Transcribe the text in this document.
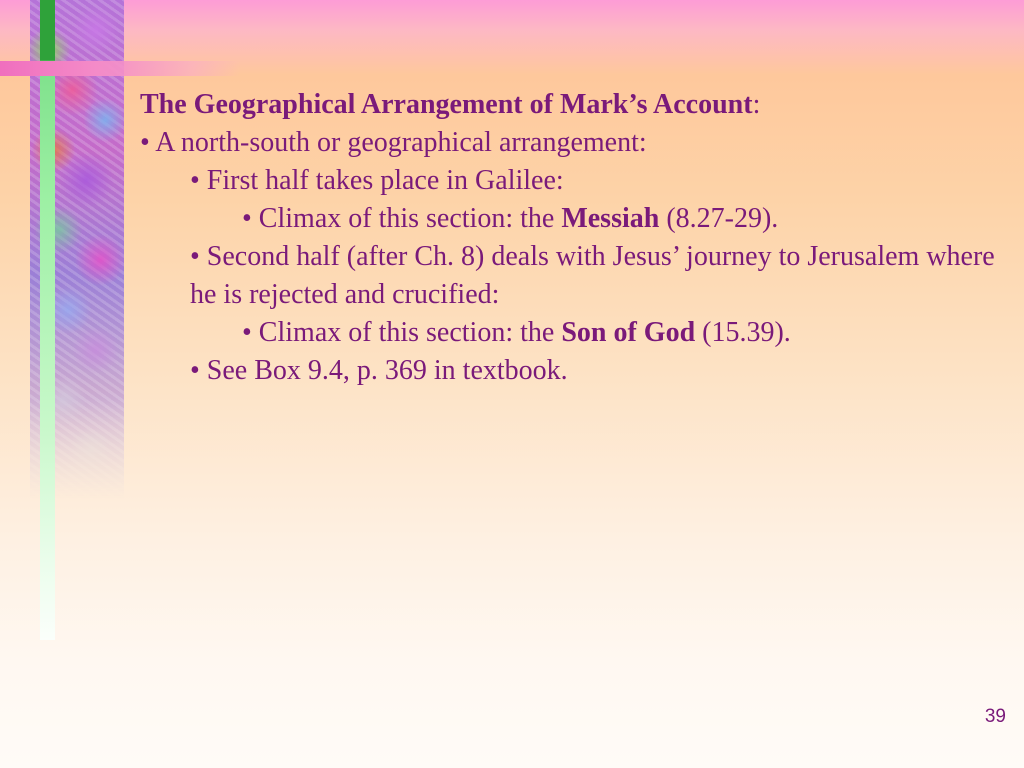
The Geographical Arrangement of Mark’s Account:

• A north-south or geographical arrangement:

• First half takes place in Galilee:

• Climax of this section: the Messiah (8.27-29).

• Second half (after Ch. 8) deals with Jesus’ journey to Jerusalem where he is rejected and crucified:

• Climax of this section: the Son of God (15.39).

• See Box 9.4, p. 369 in textbook.

39
